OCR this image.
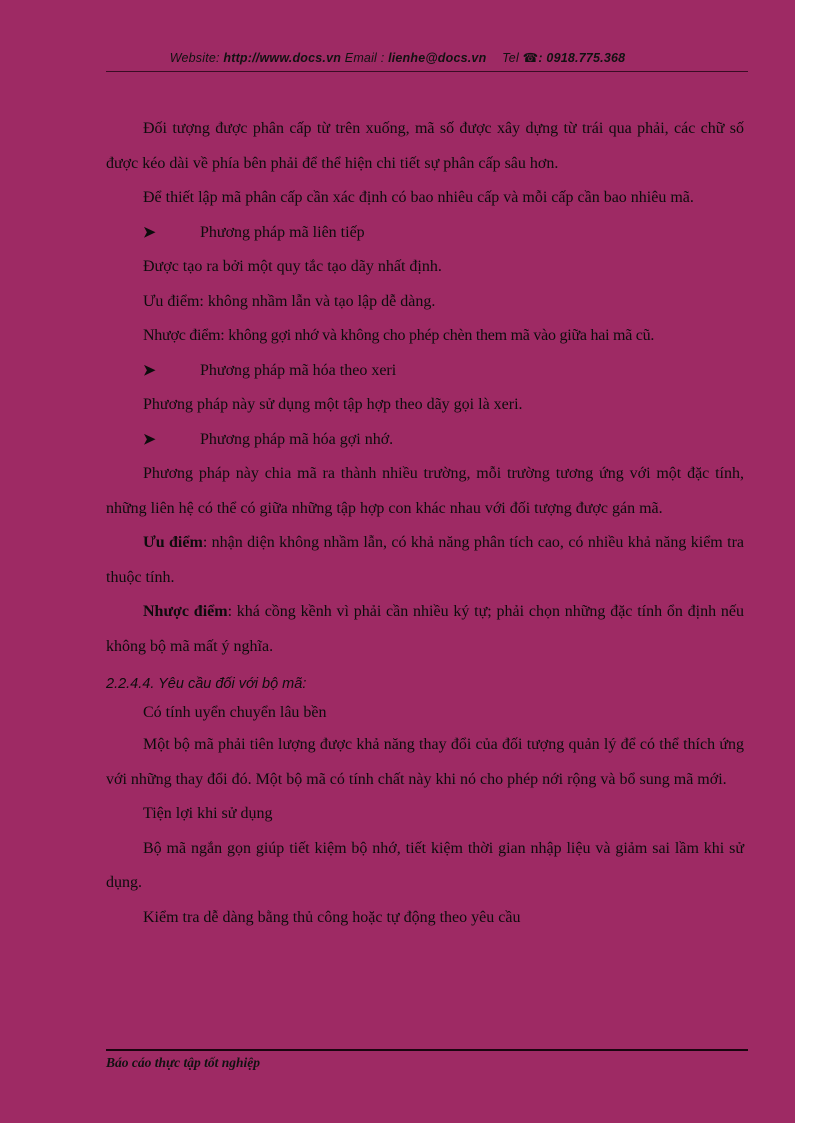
Website: http://www.docs.vn Email : lienhe@docs.vn Tel ☎: 0918.775.368

Đối tượng được phân cấp từ trên xuống, mã số được xây dựng từ trái qua phải, các chữ số được kéo dài về phía bên phải để thể hiện chi tiết sự phân cấp sâu hơn.

Để thiết lập mã phân cấp cần xác định có bao nhiêu cấp và mỗi cấp cần bao nhiêu mã.

➤	Phương pháp mã liên tiếp

Được tạo ra bởi một quy tắc tạo dãy nhất định.

Ưu điểm: không nhầm lẫn và tạo lập dễ dàng.

Nhược điểm: không gợi nhớ và không cho phép chèn them mã vào giữa hai mã cũ.

➤	Phương pháp mã hóa theo xeri

Phương pháp này sử dụng một tập hợp theo dãy gọi là xeri.

➤	Phương pháp mã hóa gợi nhớ.

Phương pháp này chia mã ra thành nhiều trường, mỗi trường tương ứng với một đặc tính, những liên hệ có thể có giữa những tập hợp con khác nhau với đối tượng được gán mã.

Ưu điểm: nhận diện không nhầm lẫn, có khả năng phân tích cao, có nhiều khả năng kiểm tra thuộc tính.

Nhược điểm: khá cồng kềnh vì phải cần nhiều ký tự; phải chọn những đặc tính ổn định nếu không bộ mã mất ý nghĩa.

2.2.4.4. Yêu cầu đối với bộ mã:

Có tính uyển chuyển lâu bền

Một bộ mã phải tiên lượng được khả năng thay đổi của đối tượng quản lý để có thể thích ứng với những thay đổi đó. Một bộ mã có tính chất này khi nó cho phép nới rộng và bổ sung mã mới.

Tiện lợi khi sử dụng

Bộ mã ngắn gọn giúp tiết kiệm bộ nhớ, tiết kiệm thời gian nhập liệu và giảm sai lầm khi sử dụng.

Kiểm tra dễ dàng bằng thủ công hoặc tự động theo yêu cầu

Báo cáo thực tập tốt nghiệp
